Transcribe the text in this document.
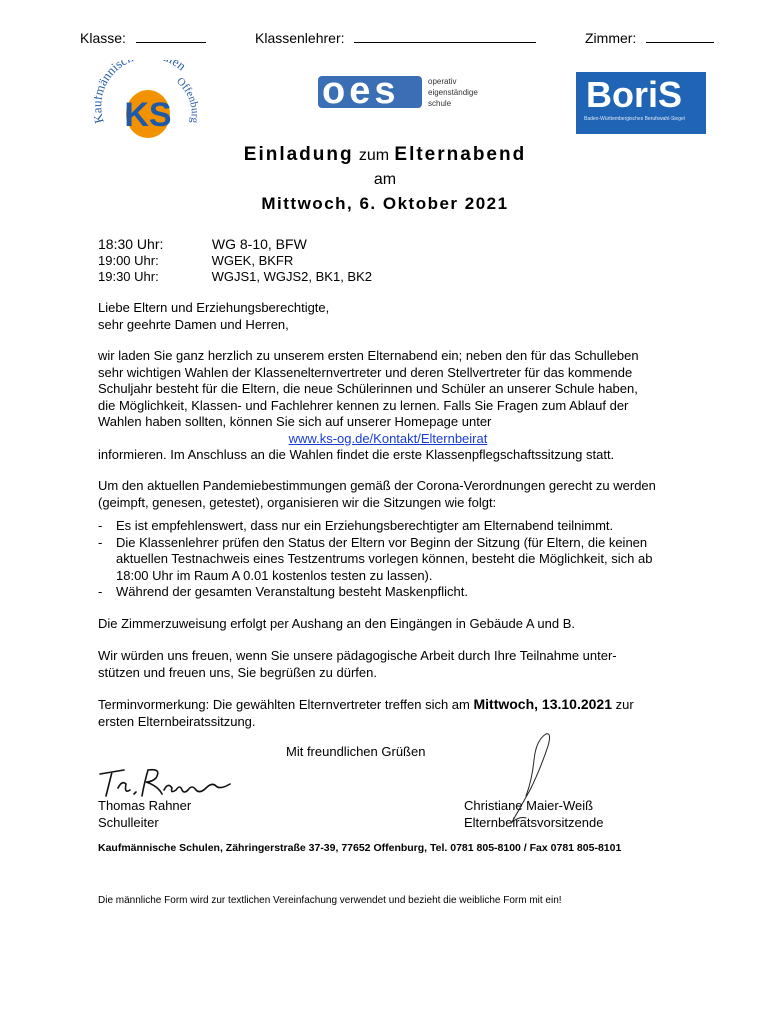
Klasse:	Klassenlehrer:	Zimmer:
ännisc en
Offenburg
KS
oes	operativ
eigenständige
schule	BoriS
Baden-Württembergisches Berufswahl-Siegel
Einladung zum Elternabend
am
Mittwoch, 6. Oktober 2021
18:30 Uhr:	WG 8-10, BFW
19:00 Uhr:	WGEK, BKFR
19:30 Uhr:	WGJS1, WGJS2, BK1, BK2
Liebe Eltern und Erziehungsberechtigte,
sehr geehrte Damen und Herren,
wir laden Sie ganz herzlich zu unserem ersten Elternabend ein; neben den für das Schulleben
sehr wichtigen Wahlen der Klassenelternvertreter und deren Stellvertreter für das kommende
Schuljahr besteht für die Eltern, die neue Schülerinnen und Schüler an unserer Schule haben,
die Möglichkeit, Klassen- und Fachlehrer kennen zu lernen. Falls Sie Fragen zum Ablauf der
Wahlen haben sollten, können Sie sich auf unserer Homepage unter
www.ks-og.de/Kontakt/Elternbeirat
informieren. Im Anschluss an die Wahlen findet die erste Klassenpflegschaftssitzung statt.
Um den aktuellen Pandemiebestimmungen gemäß der Corona-Verordnungen gerecht zu werden
(geimpft, genesen, getestet), organisieren wir die Sitzungen wie folgt:
- Es ist empfehlenswert, dass nur ein Erziehungsberechtigter am Elternabend teilnimmt.
- Die Klassenlehrer prüfen den Status der Eltern vor Beginn der Sitzung (für Eltern, die keinen
aktuellen Testnachweis eines Testzentrums vorlegen können, besteht die Möglichkeit, sich ab
18:00 Uhr im Raum A 0.01 kostenlos testen zu lassen).
- Während der gesamten Veranstaltung besteht Maskenpflicht.
Die Zimmerzuweisung erfolgt per Aushang an den Eingängen in Gebäude A und B.
Wir würden uns freuen, wenn Sie unsere pädagogische Arbeit durch Ihre Teilnahme unter-
stützen und freuen uns, Sie begrüßen zu dürfen.
Terminvormerkung: Die gewählten Elternvertreter treffen sich am Mittwoch, 13.10.2021 zur
ersten Elternbeiratssitzung.
Mit freundlichen Grüßen
Thomas Rahner
Schulleiter
Christiane Maier-Weiß
Elternbeiratsvorsitzende
Kaufmännische Schulen, Zähringerstraße 37-39, 77652 Offenburg, Tel. 0781 805-8100 / Fax 0781 805-8101
Die männliche Form wird zur textlichen Vereinfachung verwendet und bezieht die weibliche Form mit ein!
